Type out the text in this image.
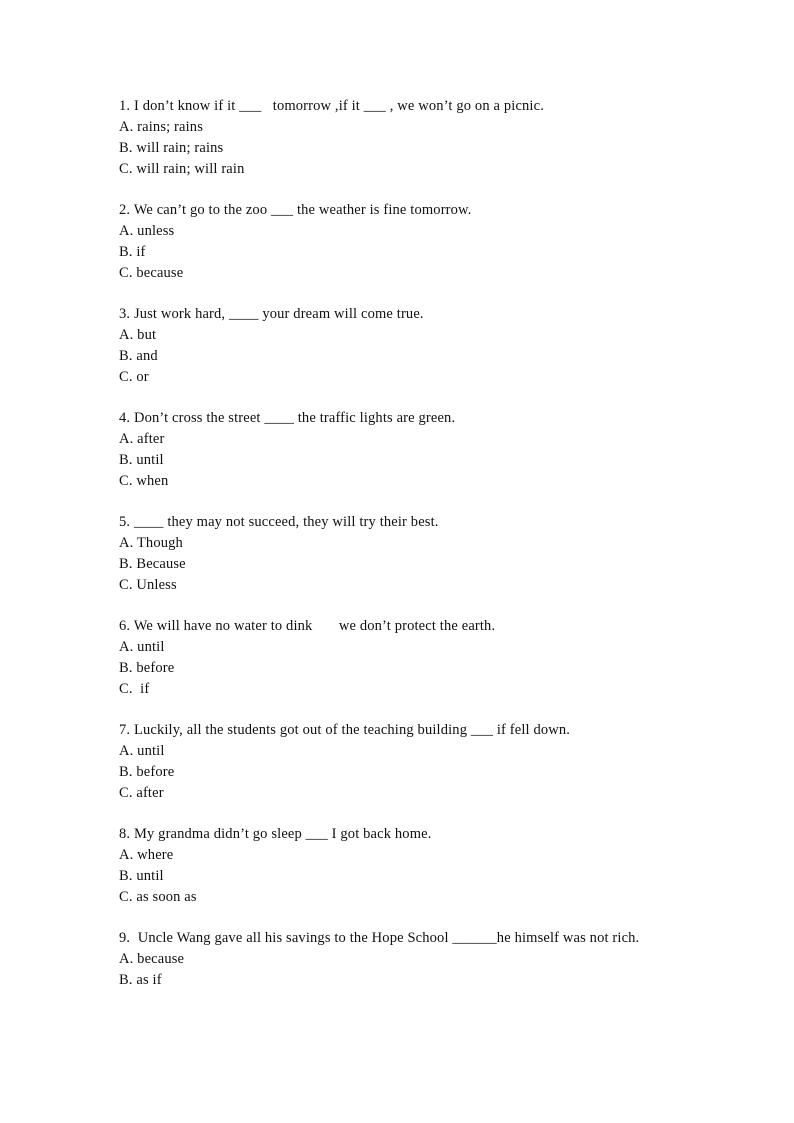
1. I don’t know if it ___   tomorrow ,if it ___ , we won’t go on a picnic.

A. rains; rains

B. will rain; rains

C. will rain; will rain

2. We can’t go to the zoo ___ the weather is fine tomorrow.

A. unless

B. if

C. because

3. Just work hard, ____ your dream will come true.

A. but

B. and

C. or

4. Don’t cross the street ____ the traffic lights are green.

A. after

B. until

C. when

5. ____ they may not succeed, they will try their best.

A. Though

B. Because

C. Unless

6. We will have no water to dink       we don’t protect the earth.

A. until

B. before

C.  if

7. Luckily, all the students got out of the teaching building ___ if fell down.

A. until

B. before

C. after

8. My grandma didn’t go sleep ___ I got back home.

A. where

B. until

C. as soon as

9.  Uncle Wang gave all his savings to the Hope School ______he himself was not rich.

A. because

B. as if
